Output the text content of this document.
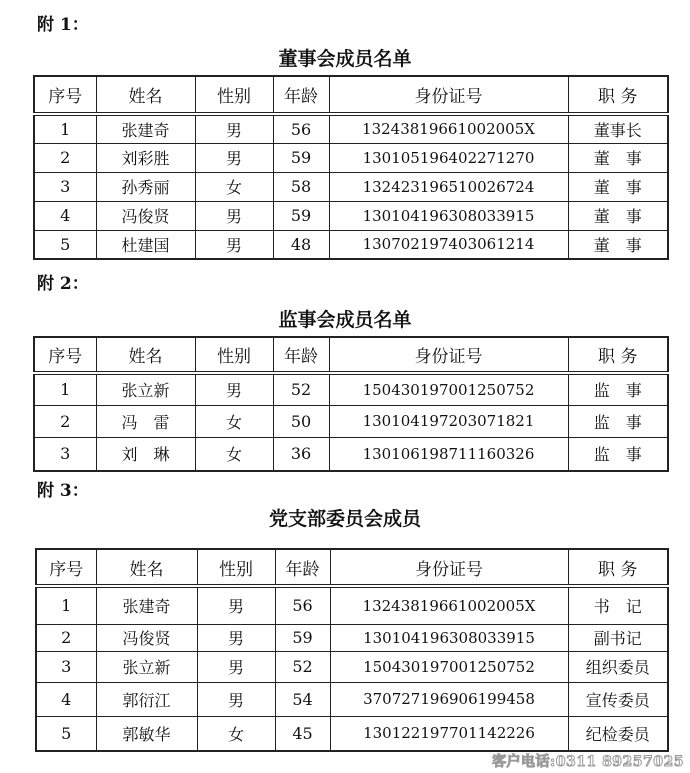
附 1：
董事会成员名单
序号	姓名	性别	年龄	身份证号	职 务
1	张建奇	男	56	13243819661002005X	董事长
2	刘彩胜	男	59	130105196402271270	董　事
3	孙秀丽	女	58	132423196510026724	董　事
4	冯俊贤	男	59	130104196308033915	董　事
5	杜建国	男	48	130702197403061214	董　事
附 2：
监事会成员名单
序号	姓名	性别	年龄	身份证号	职 务
1	张立新	男	52	150430197001250752	监　事
2	冯　雷	女	50	130104197203071821	监　事
3	刘　琳	女	36	130106198711160326	监　事
附 3：
党支部委员会成员
序号	姓名	性别	年龄	身份证号	职 务
1	张建奇	男	56	13243819661002005X	书　记
2	冯俊贤	男	59	130104196308033915	副书记
3	张立新	男	52	150430197001250752	组织委员
4	郭衍江	男	54	370727196906199458	宣传委员
5	郭敏华	女	45	130122197701142226	纪检委员
客户电话:0311 89257025
